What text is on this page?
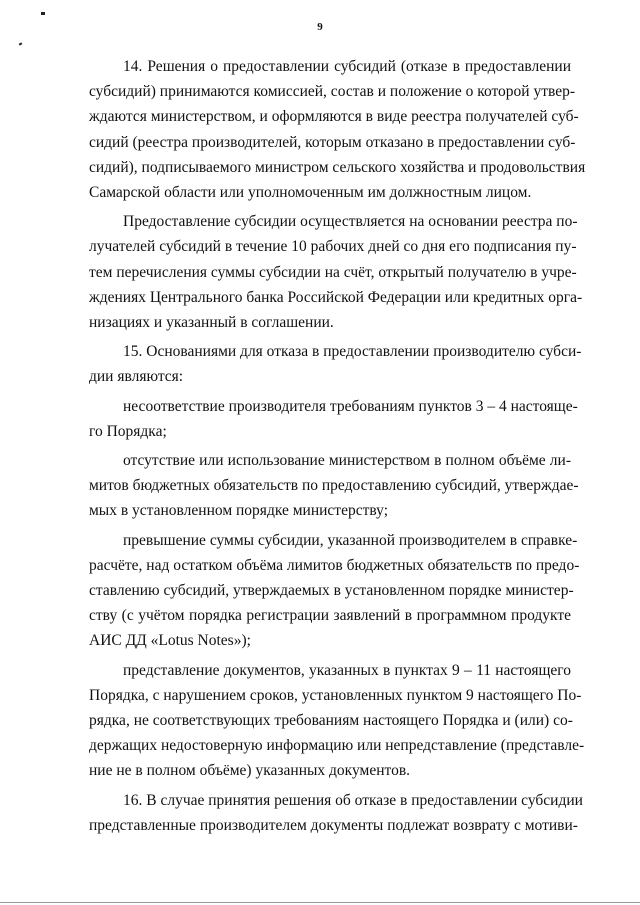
9
14. Решения о предоставлении субсидий (отказе в предоставлении
субсидий) принимаются комиссией, состав и положение о которой утвер-
ждаются министерством, и оформляются в виде реестра получателей суб-
сидий (реестра производителей, которым отказано в предоставлении суб-
сидий), подписываемого министром сельского хозяйства и продовольствия
Самарской области или уполномоченным им должностным лицом.
Предоставление субсидии осуществляется на основании реестра по-
лучателей субсидий в течение 10 рабочих дней со дня его подписания пу-
тем перечисления суммы субсидии на счёт, открытый получателю в учре-
ждениях Центрального банка Российской Федерации или кредитных орга-
низациях и указанный в соглашении.
15. Основаниями для отказа в предоставлении производителю субси-
дии являются:
несоответствие производителя требованиям пунктов 3 – 4 настояще-
го Порядка;
отсутствие или использование министерством в полном объёме ли-
митов бюджетных обязательств по предоставлению субсидий, утверждае-
мых в установленном порядке министерству;
превышение суммы субсидии, указанной производителем в справке-
расчёте, над остатком объёма лимитов бюджетных обязательств по предо-
ставлению субсидий, утверждаемых в установленном порядке министер-
ству (с учётом порядка регистрации заявлений в программном продукте
АИС ДД «Lotus Notes»);
представление документов, указанных в пунктах 9 – 11 настоящего
Порядка, с нарушением сроков, установленных пунктом 9 настоящего По-
рядка, не соответствующих требованиям настоящего Порядка и (или) со-
держащих недостоверную информацию или непредставление (представле-
ние не в полном объёме) указанных документов.
16. В случае принятия решения об отказе в предоставлении субсидии
представленные производителем документы подлежат возврату с мотиви-
